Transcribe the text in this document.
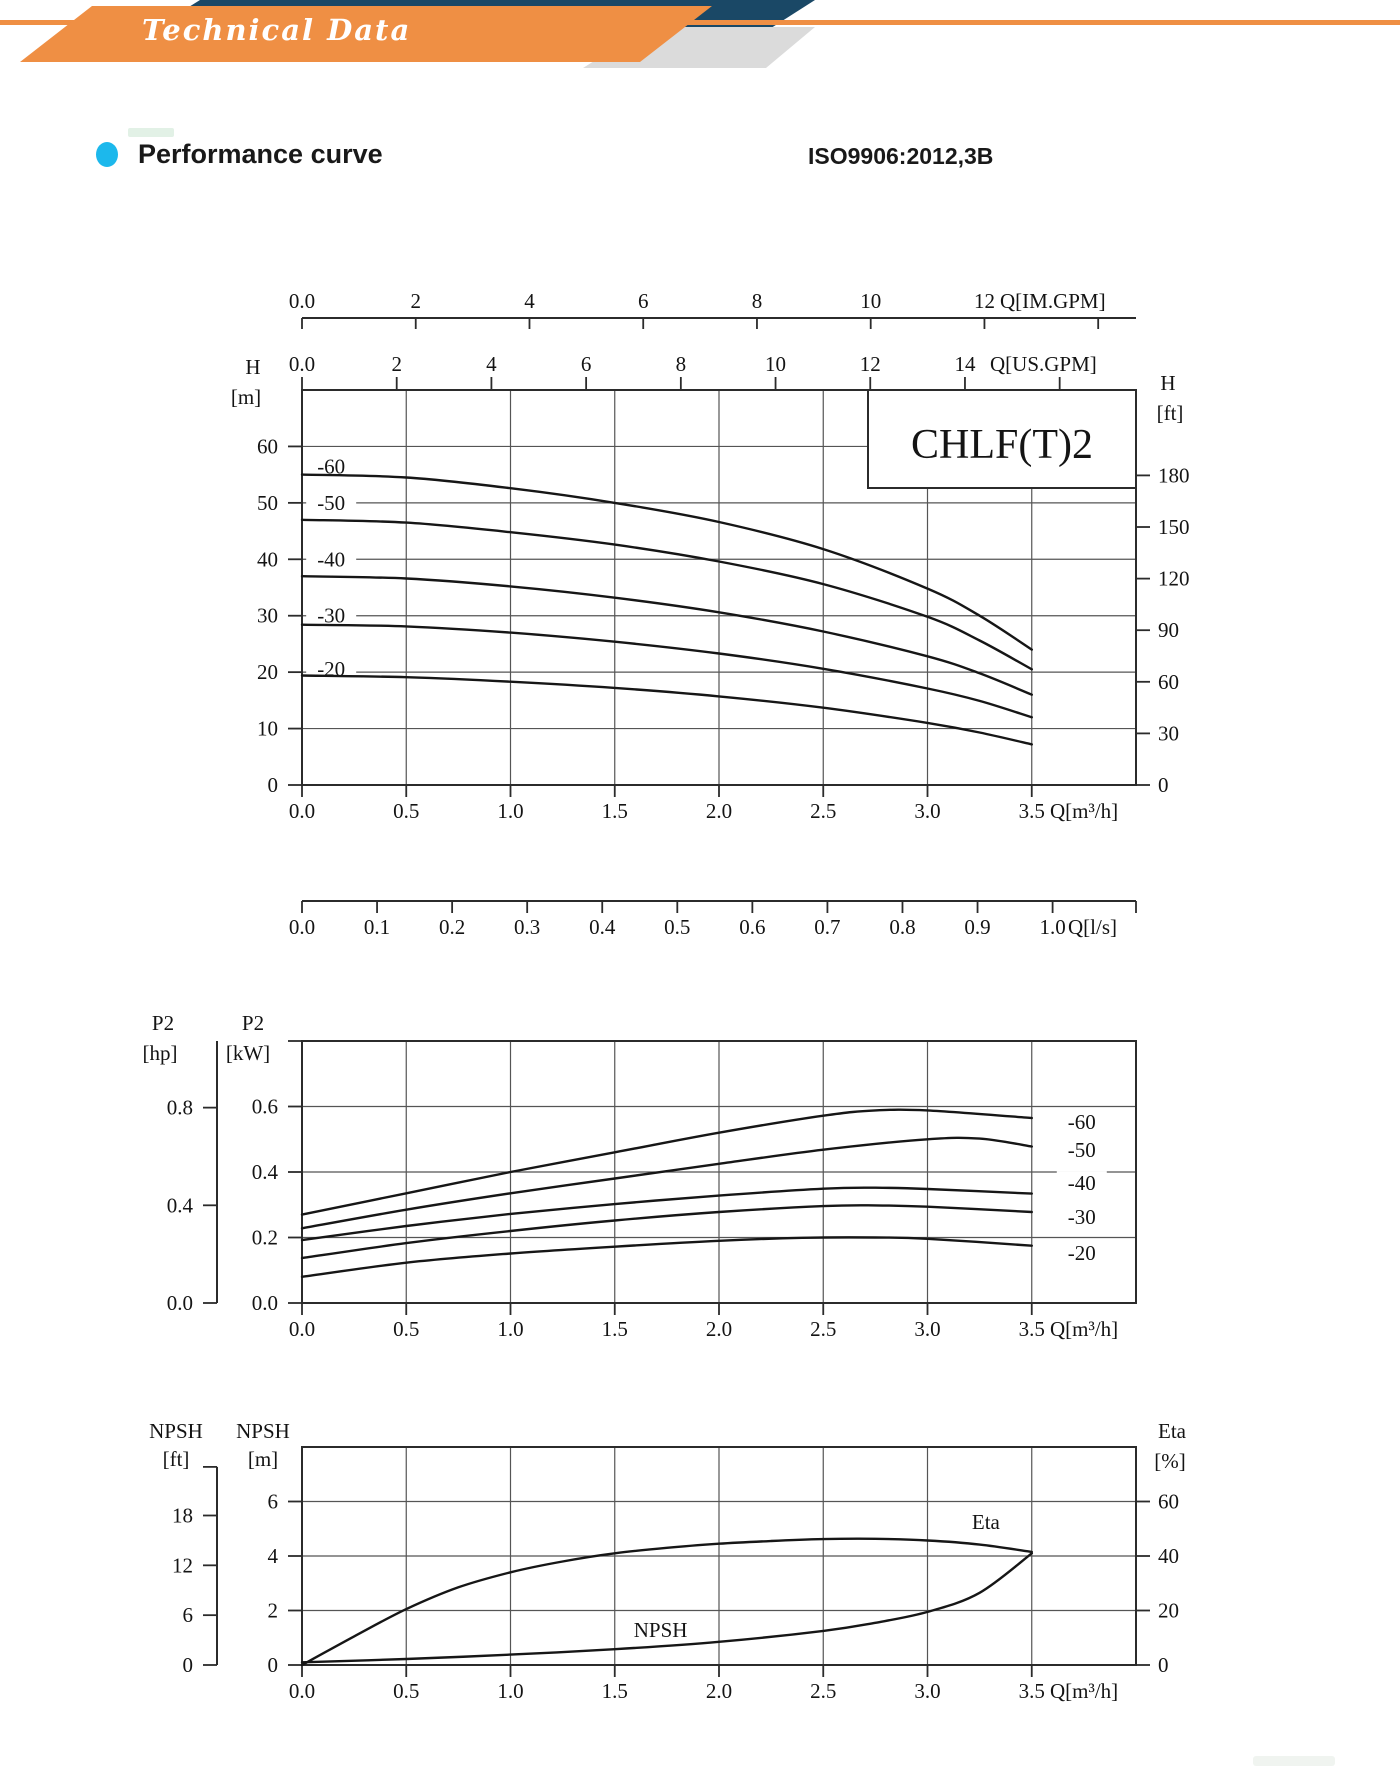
0.0	2	4	6	8	10	12 Q[IM.GPM]
0.0	2	4	6	8	10	12	14 Q[US.GPM]
0
10
20
30
40
50
60
H
[m]
0
30
60
90
120
150
180
H
[ft]
0.0	0.5	1.0	1.5	2.0	2.5	3.0	3.5 Q[m³/h]
0.0 0.1 0.2 0.3 0.4 0.5 0.6 0.7 0.8 0.9 1.0 Q[l/s]
CHLF(T)2
-60
-50
-40
-30
-20
0.0
0.2
0.4
0.6
P2
[kW]
0.0
0.4
0.8
P2
[hp]
0.0	0.5	1.0	1.5	2.0	2.5	3.0	3.5 Q[m³/h]
-60
-50
-40
-30
-20
0
2
4
6
NPSH
[m]
0
6
12
18
NPSH
[ft]
0
20
40
60
Eta
[%]
0.0	0.5	1.0	1.5	2.0	2.5	3.0	3.5 Q[m³/h]
Eta
NPSH
Technical Data
Performance curve	ISO9906:2012,3B
